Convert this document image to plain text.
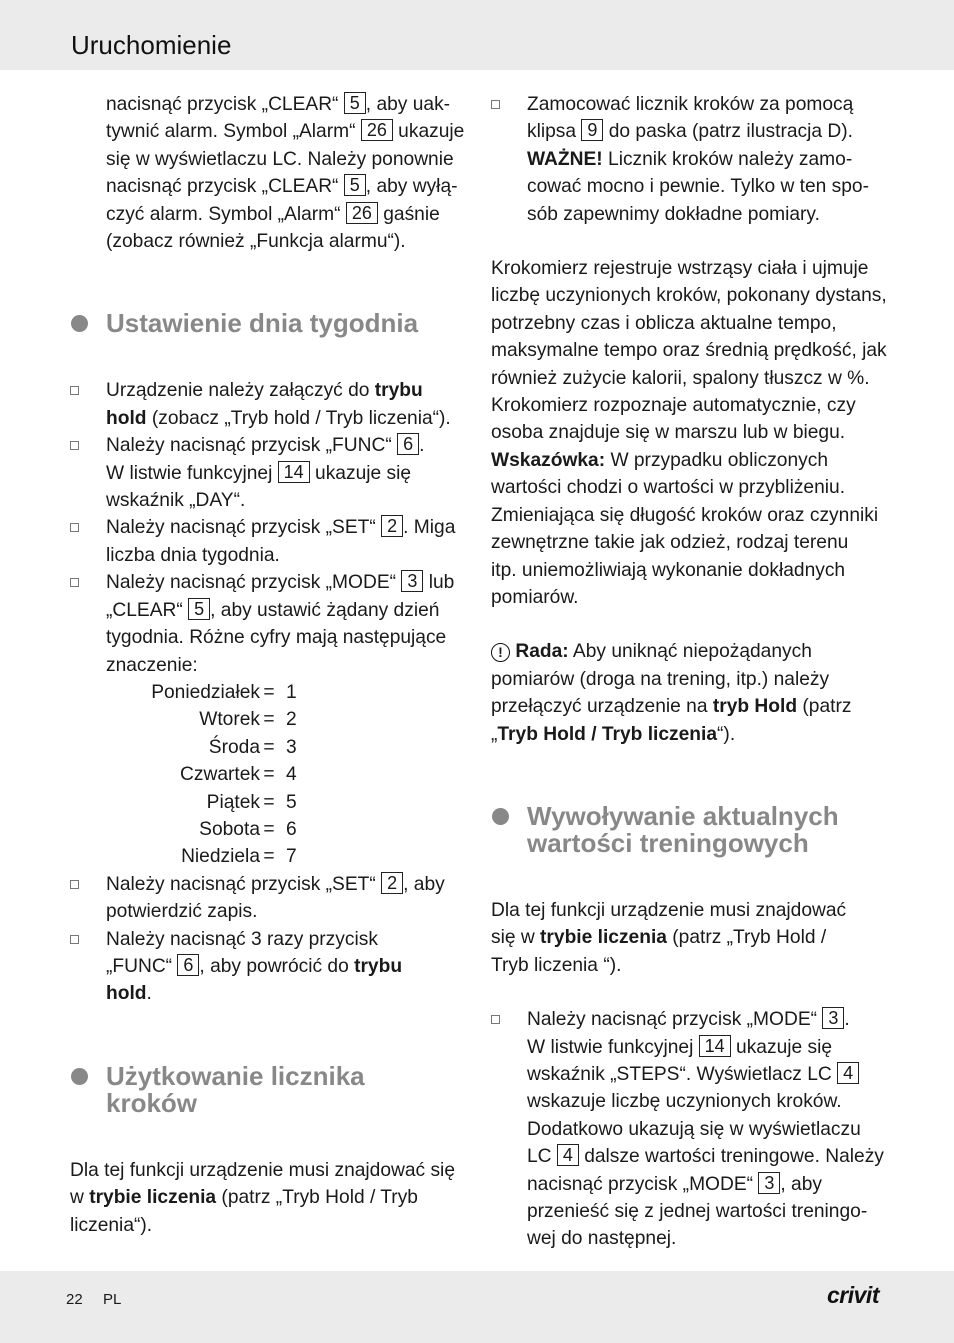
Uruchomienie
nacisnąć przycisk „CLEAR“ 5 , aby uak-
tywnić alarm. Symbol „Alarm“ 26 ukazuje
się w wyświetlaczu LC. Należy ponownie
nacisnąć przycisk „CLEAR“ 5 , aby wyłą-
czyć alarm. Symbol „Alarm“ 26 gaśnie
(zobacz również „Funkcja alarmu“).
Ustawienie dnia tygodnia
Urządzenie należy załączyć do trybu
hold (zobacz „Tryb hold / Tryb liczenia“).
Należy nacisnąć przycisk „FUNC“ 6 .
W listwie funkcyjnej 14 ukazuje się
wskaźnik „DAY“.
Należy nacisnąć przycisk „SET“ 2 . Miga
liczba dnia tygodnia.
Należy nacisnąć przycisk „MODE“ 3 lub
„CLEAR“ 5 , aby ustawić żądany dzień
tygodnia. Różne cyfry mają następujące
znaczenie:
Poniedziałek = 1
Wtorek = 2
Środa = 3
Czwartek = 4
Piątek = 5
Sobota = 6
Niedziela = 7
Należy nacisnąć przycisk „SET“ 2 , aby
potwierdzić zapis.
Należy nacisnąć 3 razy przycisk
„FUNC“ 6 , aby powrócić do trybu
hold.
Użytkowanie licznika
kroków
Dla tej funkcji urządzenie musi znajdować się
w trybie liczenia (patrz „Tryb Hold / Tryb
liczenia“).
Zamocować licznik kroków za pomocą
klipsa 9 do paska (patrz ilustracja D).
WAŻNE! Licznik kroków należy zamo-
cować mocno i pewnie. Tylko w ten spo-
sób zapewnimy dokładne pomiary.
Krokomierz rejestruje wstrząsy ciała i ujmuje
liczbę uczynionych kroków, pokonany dystans,
potrzebny czas i oblicza aktualne tempo,
maksymalne tempo oraz średnią prędkość, jak
również zużycie kalorii, spalony tłuszcz w %.
Krokomierz rozpoznaje automatycznie, czy
osoba znajduje się w marszu lub w biegu.
Wskazówka: W przypadku obliczonych
wartości chodzi o wartości w przybliżeniu.
Zmieniająca się długość kroków oraz czynniki
zewnętrzne takie jak odzież, rodzaj terenu
itp. uniemożliwiają wykonanie dokładnych
pomiarów.
! Rada: Aby uniknąć niepożądanych
pomiarów (droga na trening, itp.) należy
przełączyć urządzenie na tryb Hold (patrz
„Tryb Hold / Tryb liczenia“).
Wywoływanie aktualnych
wartości treningowych
Dla tej funkcji urządzenie musi znajdować
się w trybie liczenia (patrz „Tryb Hold /
Tryb liczenia “).
Należy nacisnąć przycisk „MODE“ 3 .
W listwie funkcyjnej 14 ukazuje się
wskaźnik „STEPS“. Wyświetlacz LC 4
wskazuje liczbę uczynionych kroków.
Dodatkowo ukazują się w wyświetlaczu
LC 4 dalsze wartości treningowe. Należy
nacisnąć przycisk „MODE“ 3 , aby
przenieść się z jednej wartości treningo-
wej do następnej.
22 PL	crivit
